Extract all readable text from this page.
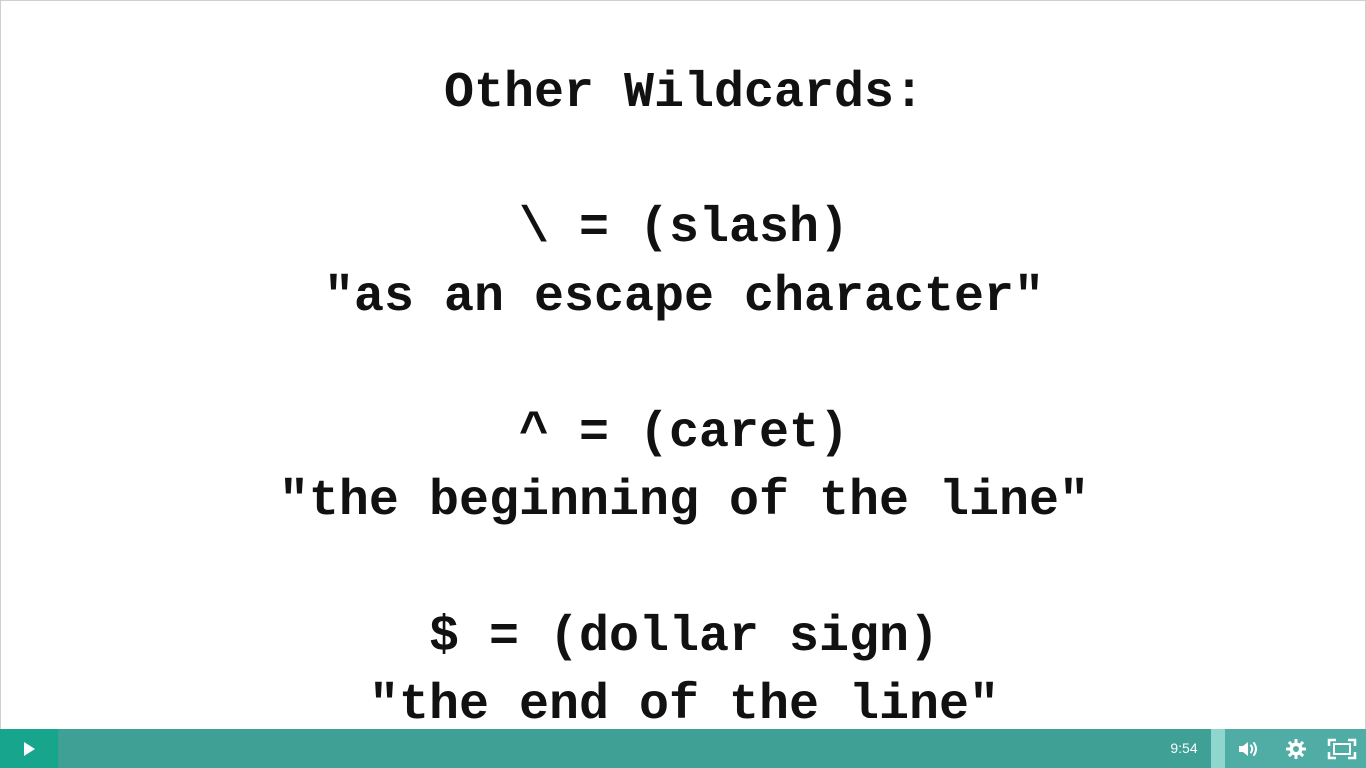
Other Wildcards:
\ = (slash)
"as an escape character"
^ = (caret)
"the beginning of the line"
$ = (dollar sign)
"the end of the line"
9:54
